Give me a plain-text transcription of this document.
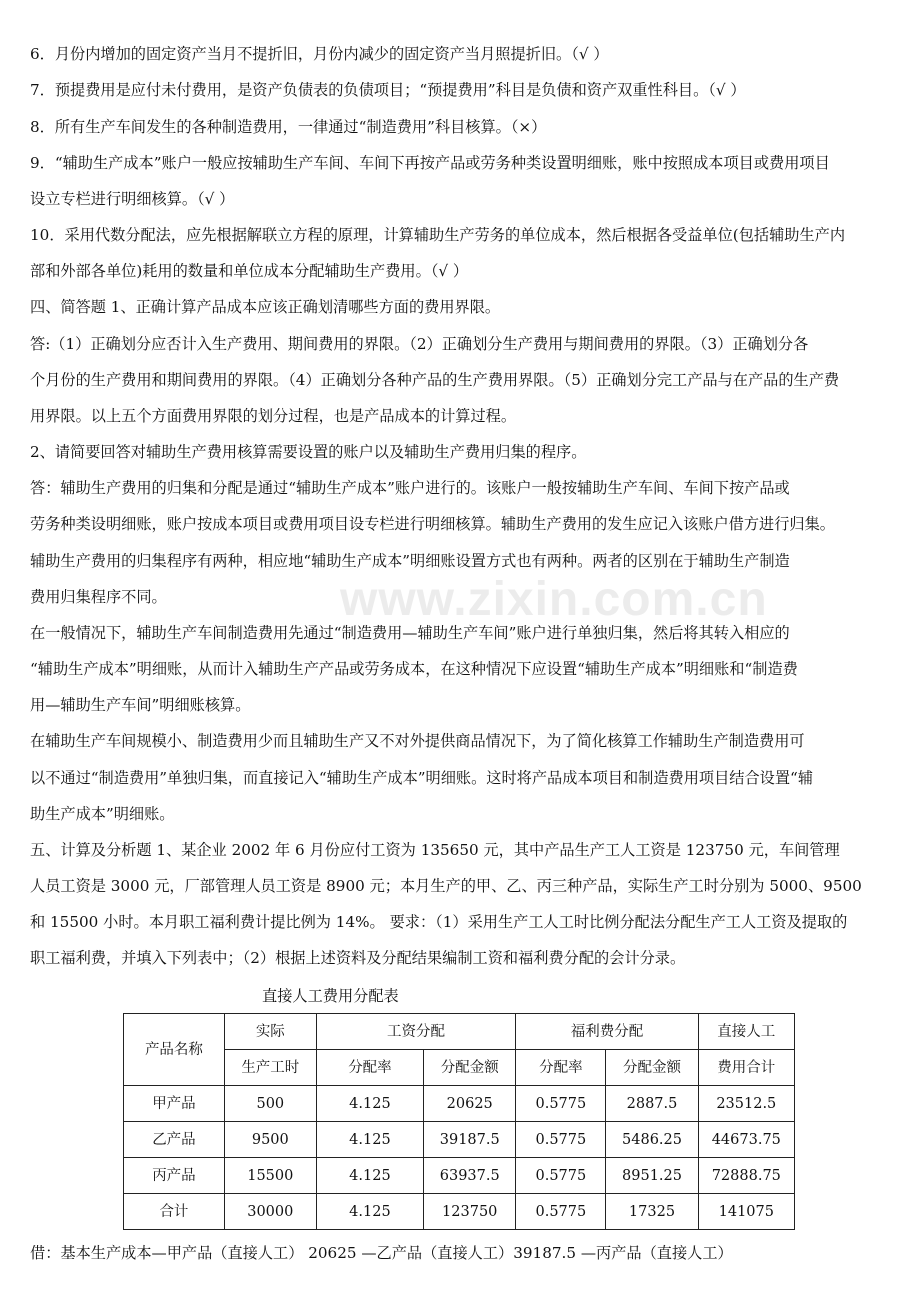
www.zixin.com.cn
6．月份内增加的固定资产当月不提折旧，月份内减少的固定资产当月照提折旧。（√ ）
7．预提费用是应付未付费用，是资产负债表的负债项目；“预提费用”科目是负债和资产双重性科目。（√ ）
8．所有生产车间发生的各种制造费用，一律通过“制造费用”科目核算。（×）
9．“辅助生产成本”账户一般应按辅助生产车间、车间下再按产品或劳务种类设置明细账，账中按照成本项目或费用项目
设立专栏进行明细核算。（√ ）
10．采用代数分配法，应先根据解联立方程的原理，计算辅助生产劳务的单位成本，然后根据各受益单位(包括辅助生产内
部和外部各单位)耗用的数量和单位成本分配辅助生产费用。（√ ）
四、简答题 1、正确计算产品成本应该正确划清哪些方面的费用界限。
答:（1）正确划分应否计入生产费用、期间费用的界限。（2）正确划分生产费用与期间费用的界限。（3）正确划分各
个月份的生产费用和期间费用的界限。（4）正确划分各种产品的生产费用界限。（5）正确划分完工产品与在产品的生产费
用界限。以上五个方面费用界限的划分过程，也是产品成本的计算过程。
2、请简要回答对辅助生产费用核算需要设置的账户以及辅助生产费用归集的程序。
答：辅助生产费用的归集和分配是通过“辅助生产成本”账户进行的。该账户一般按辅助生产车间、车间下按产品或
劳务种类设明细账，账户按成本项目或费用项目设专栏进行明细核算。辅助生产费用的发生应记入该账户借方进行归集。
辅助生产费用的归集程序有两种，相应地“辅助生产成本”明细账设置方式也有两种。两者的区别在于辅助生产制造
费用归集程序不同。
在一般情况下，辅助生产车间制造费用先通过“制造费用—辅助生产车间”账户进行单独归集，然后将其转入相应的
“辅助生产成本”明细账，从而计入辅助生产产品或劳务成本，在这种情况下应设置“辅助生产成本”明细账和“制造费
用—辅助生产车间”明细账核算。
在辅助生产车间规模小、制造费用少而且辅助生产又不对外提供商品情况下，为了简化核算工作辅助生产制造费用可
以不通过“制造费用”单独归集，而直接记入“辅助生产成本”明细账。这时将产品成本项目和制造费用项目结合设置“辅
助生产成本”明细账。
五、计算及分析题 1、某企业 2002 年 6 月份应付工资为 135650 元，其中产品生产工人工资是 123750 元，车间管理
人员工资是 3000 元，厂部管理人员工资是 8900 元；本月生产的甲、乙、丙三种产品，实际生产工时分别为 5000、9500
和 15500 小时。本月职工福利费计提比例为 14%。 要求：（1）采用生产工人工时比例分配法分配生产工人工资及提取的
职工福利费，并填入下列表中；（2）根据上述资料及分配结果编制工资和福利费分配的会计分录。
直接人工费用分配表
产品名称	实际	工资分配		福利费分配		直接人工
	生产工时	分配率	分配金额	分配率	分配金额	费用合计
甲产品	500	4.125	20625	0.5775	2887.5	23512.5
乙产品	9500	4.125	39187.5	0.5775	5486.25	44673.75
丙产品	15500	4.125	63937.5	0.5775	8951.25	72888.75
合计	30000	4.125	123750	0.5775	17325	141075
借：基本生产成本—甲产品（直接人工） 20625 —乙产品（直接人工）39187.5 —丙产品（直接人工）
